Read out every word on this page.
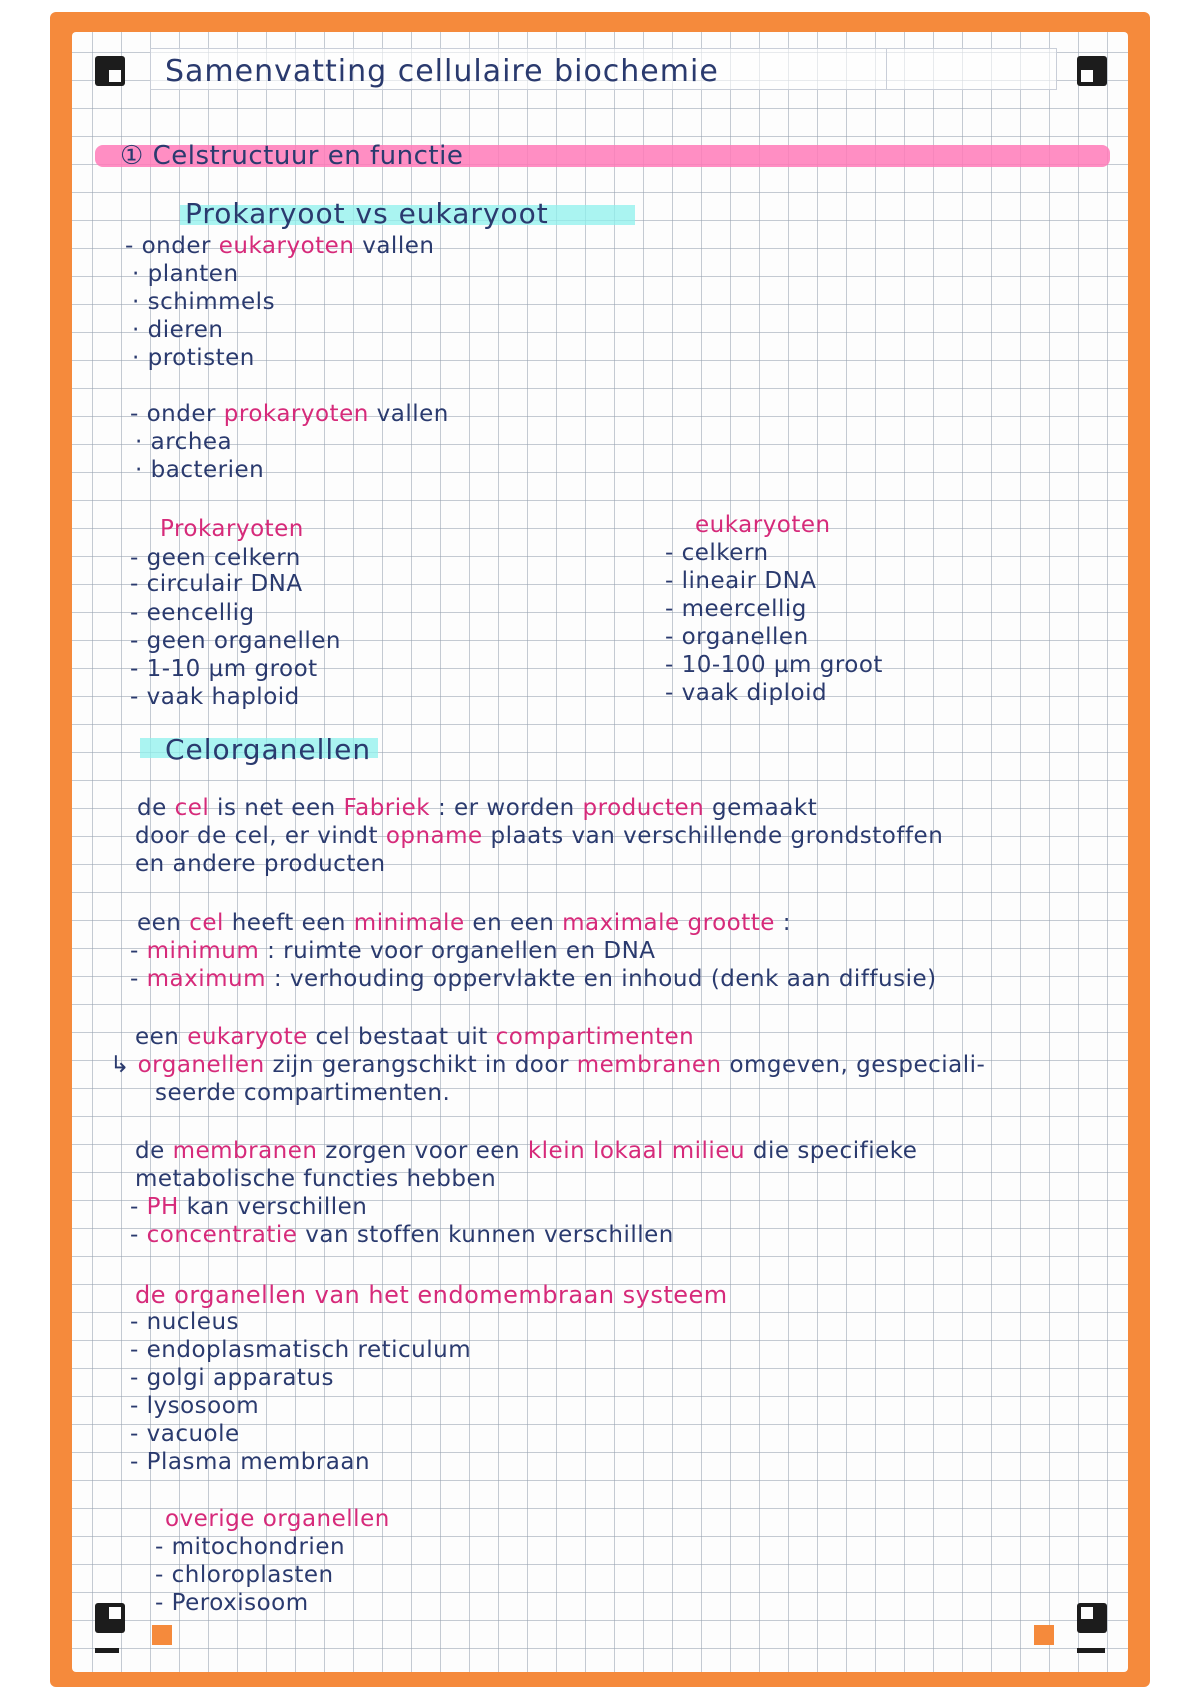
Samenvatting cellulaire biochemie
① Celstructuur en functie
Prokaryoot vs eukaryoot
- onder eukaryoten vallen
· planten
· schimmels
· dieren
· protisten
- onder prokaryoten vallen
· archea
· bacterien
Prokaryoten
- geen celkern
- circulair DNA
- eencellig
- geen organellen
- 1-10 µm groot
- vaak haploid
eukaryoten
- celkern
- lineair DNA
- meercellig
- organellen
- 10-100 µm groot
- vaak diploid
Celorganellen
de cel is net een Fabriek : er worden producten gemaakt
door de cel, er vindt opname plaats van verschillende grondstoffen
en andere producten
een cel heeft een minimale en een maximale grootte :
- minimum : ruimte voor organellen en DNA
- maximum : verhouding oppervlakte en inhoud (denk aan diffusie)
een eukaryote cel bestaat uit compartimenten
↳ organellen zijn gerangschikt in door membranen omgeven, gespeciali-
seerde compartimenten.
de membranen zorgen voor een klein lokaal milieu die specifieke
metabolische functies hebben
- PH kan verschillen
- concentratie van stoffen kunnen verschillen
de organellen van het endomembraan systeem
- nucleus
- endoplasmatisch reticulum
- golgi apparatus
- lysosoom
- vacuole
- Plasma membraan
overige organellen
- mitochondrien
- chloroplasten
- Peroxisoom
